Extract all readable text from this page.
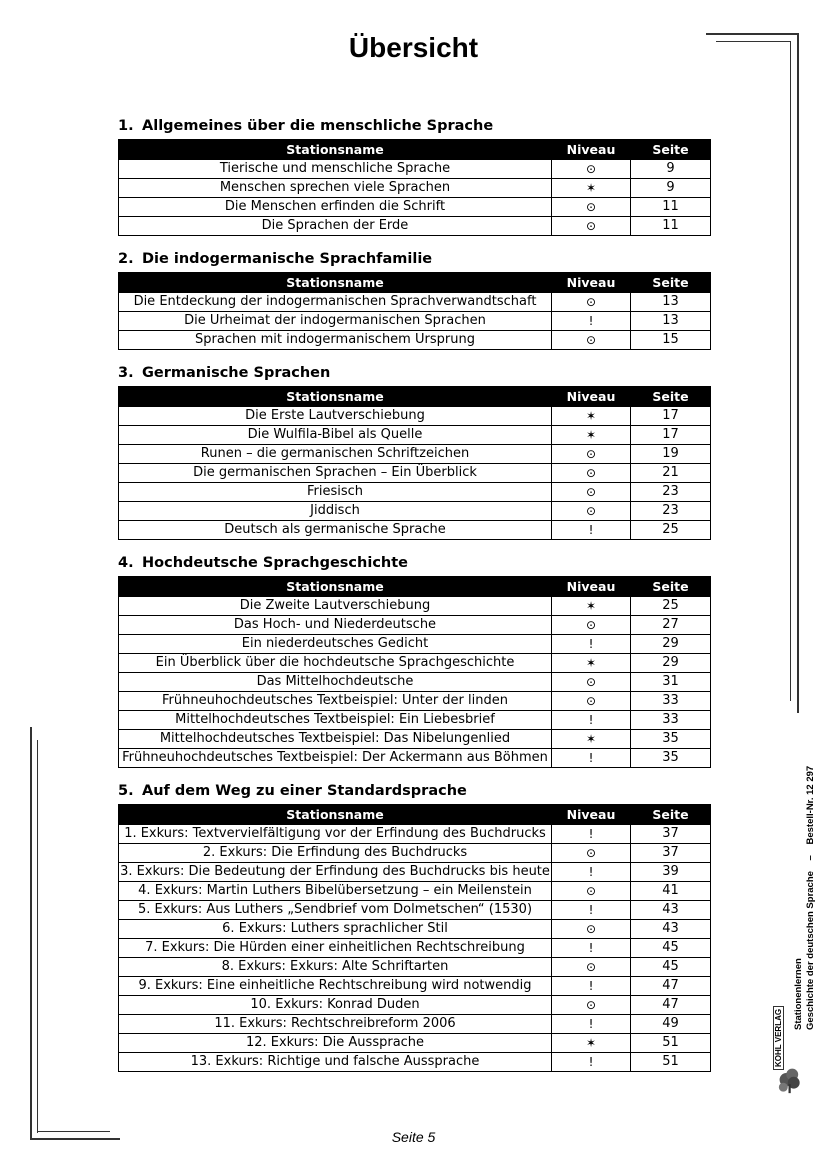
Übersicht
1. Allgemeines über die menschliche Sprache
Stationsname	Niveau	Seite
Tierische und menschliche Sprache	⊙	9
Menschen sprechen viele Sprachen	✶	9
Die Menschen erfinden die Schrift	⊙	11
Die Sprachen der Erde	⊙	11
2. Die indogermanische Sprachfamilie
Stationsname	Niveau	Seite
Die Entdeckung der indogermanischen Sprachverwandtschaft	⊙	13
Die Urheimat der indogermanischen Sprachen	!	13
Sprachen mit indogermanischem Ursprung	⊙	15
3. Germanische Sprachen
Stationsname	Niveau	Seite
Die Erste Lautverschiebung	✶	17
Die Wulfila-Bibel als Quelle	✶	17
Runen – die germanischen Schriftzeichen	⊙	19
Die germanischen Sprachen – Ein Überblick	⊙	21
Friesisch	⊙	23
Jiddisch	⊙	23
Deutsch als germanische Sprache	!	25
4. Hochdeutsche Sprachgeschichte
Stationsname	Niveau	Seite
Die Zweite Lautverschiebung	✶	25
Das Hoch- und Niederdeutsche	⊙	27
Ein niederdeutsches Gedicht	!	29
Ein Überblick über die hochdeutsche Sprachgeschichte	✶	29
Das Mittelhochdeutsche	⊙	31
Frühneuhochdeutsches Textbeispiel: Unter der linden	⊙	33
Mittelhochdeutsches Textbeispiel: Ein Liebesbrief	!	33
Mittelhochdeutsches Textbeispiel: Das Nibelungenlied	✶	35
Frühneuhochdeutsches Textbeispiel: Der Ackermann aus Böhmen	!	35
5. Auf dem Weg zu einer Standardsprache
Stationsname	Niveau	Seite
1. Exkurs: Textvervielfältigung vor der Erfindung des Buchdrucks	!	37
2. Exkurs: Die Erfindung des Buchdrucks	⊙	37
3. Exkurs: Die Bedeutung der Erfindung des Buchdrucks bis heute	!	39
4. Exkurs: Martin Luthers Bibelübersetzung – ein Meilenstein	⊙	41
5. Exkurs: Aus Luthers „Sendbrief vom Dolmetschen“ (1530)	!	43
6. Exkurs: Luthers sprachlicher Stil	⊙	43
7. Exkurs: Die Hürden einer einheitlichen Rechtschreibung	!	45
8. Exkurs: Exkurs: Alte Schriftarten	⊙	45
9. Exkurs: Eine einheitliche Rechtschreibung wird notwendig	!	47
10. Exkurs: Konrad Duden	⊙	47
11. Exkurs: Rechtschreibreform 2006	!	49
12. Exkurs: Die Aussprache	✶	51
13. Exkurs: Richtige und falsche Aussprache	!	51
Seite 5
Stationenlernen Geschichte der deutschen Sprache – Bestell-Nr. 12 297
KOHL VERLAG
